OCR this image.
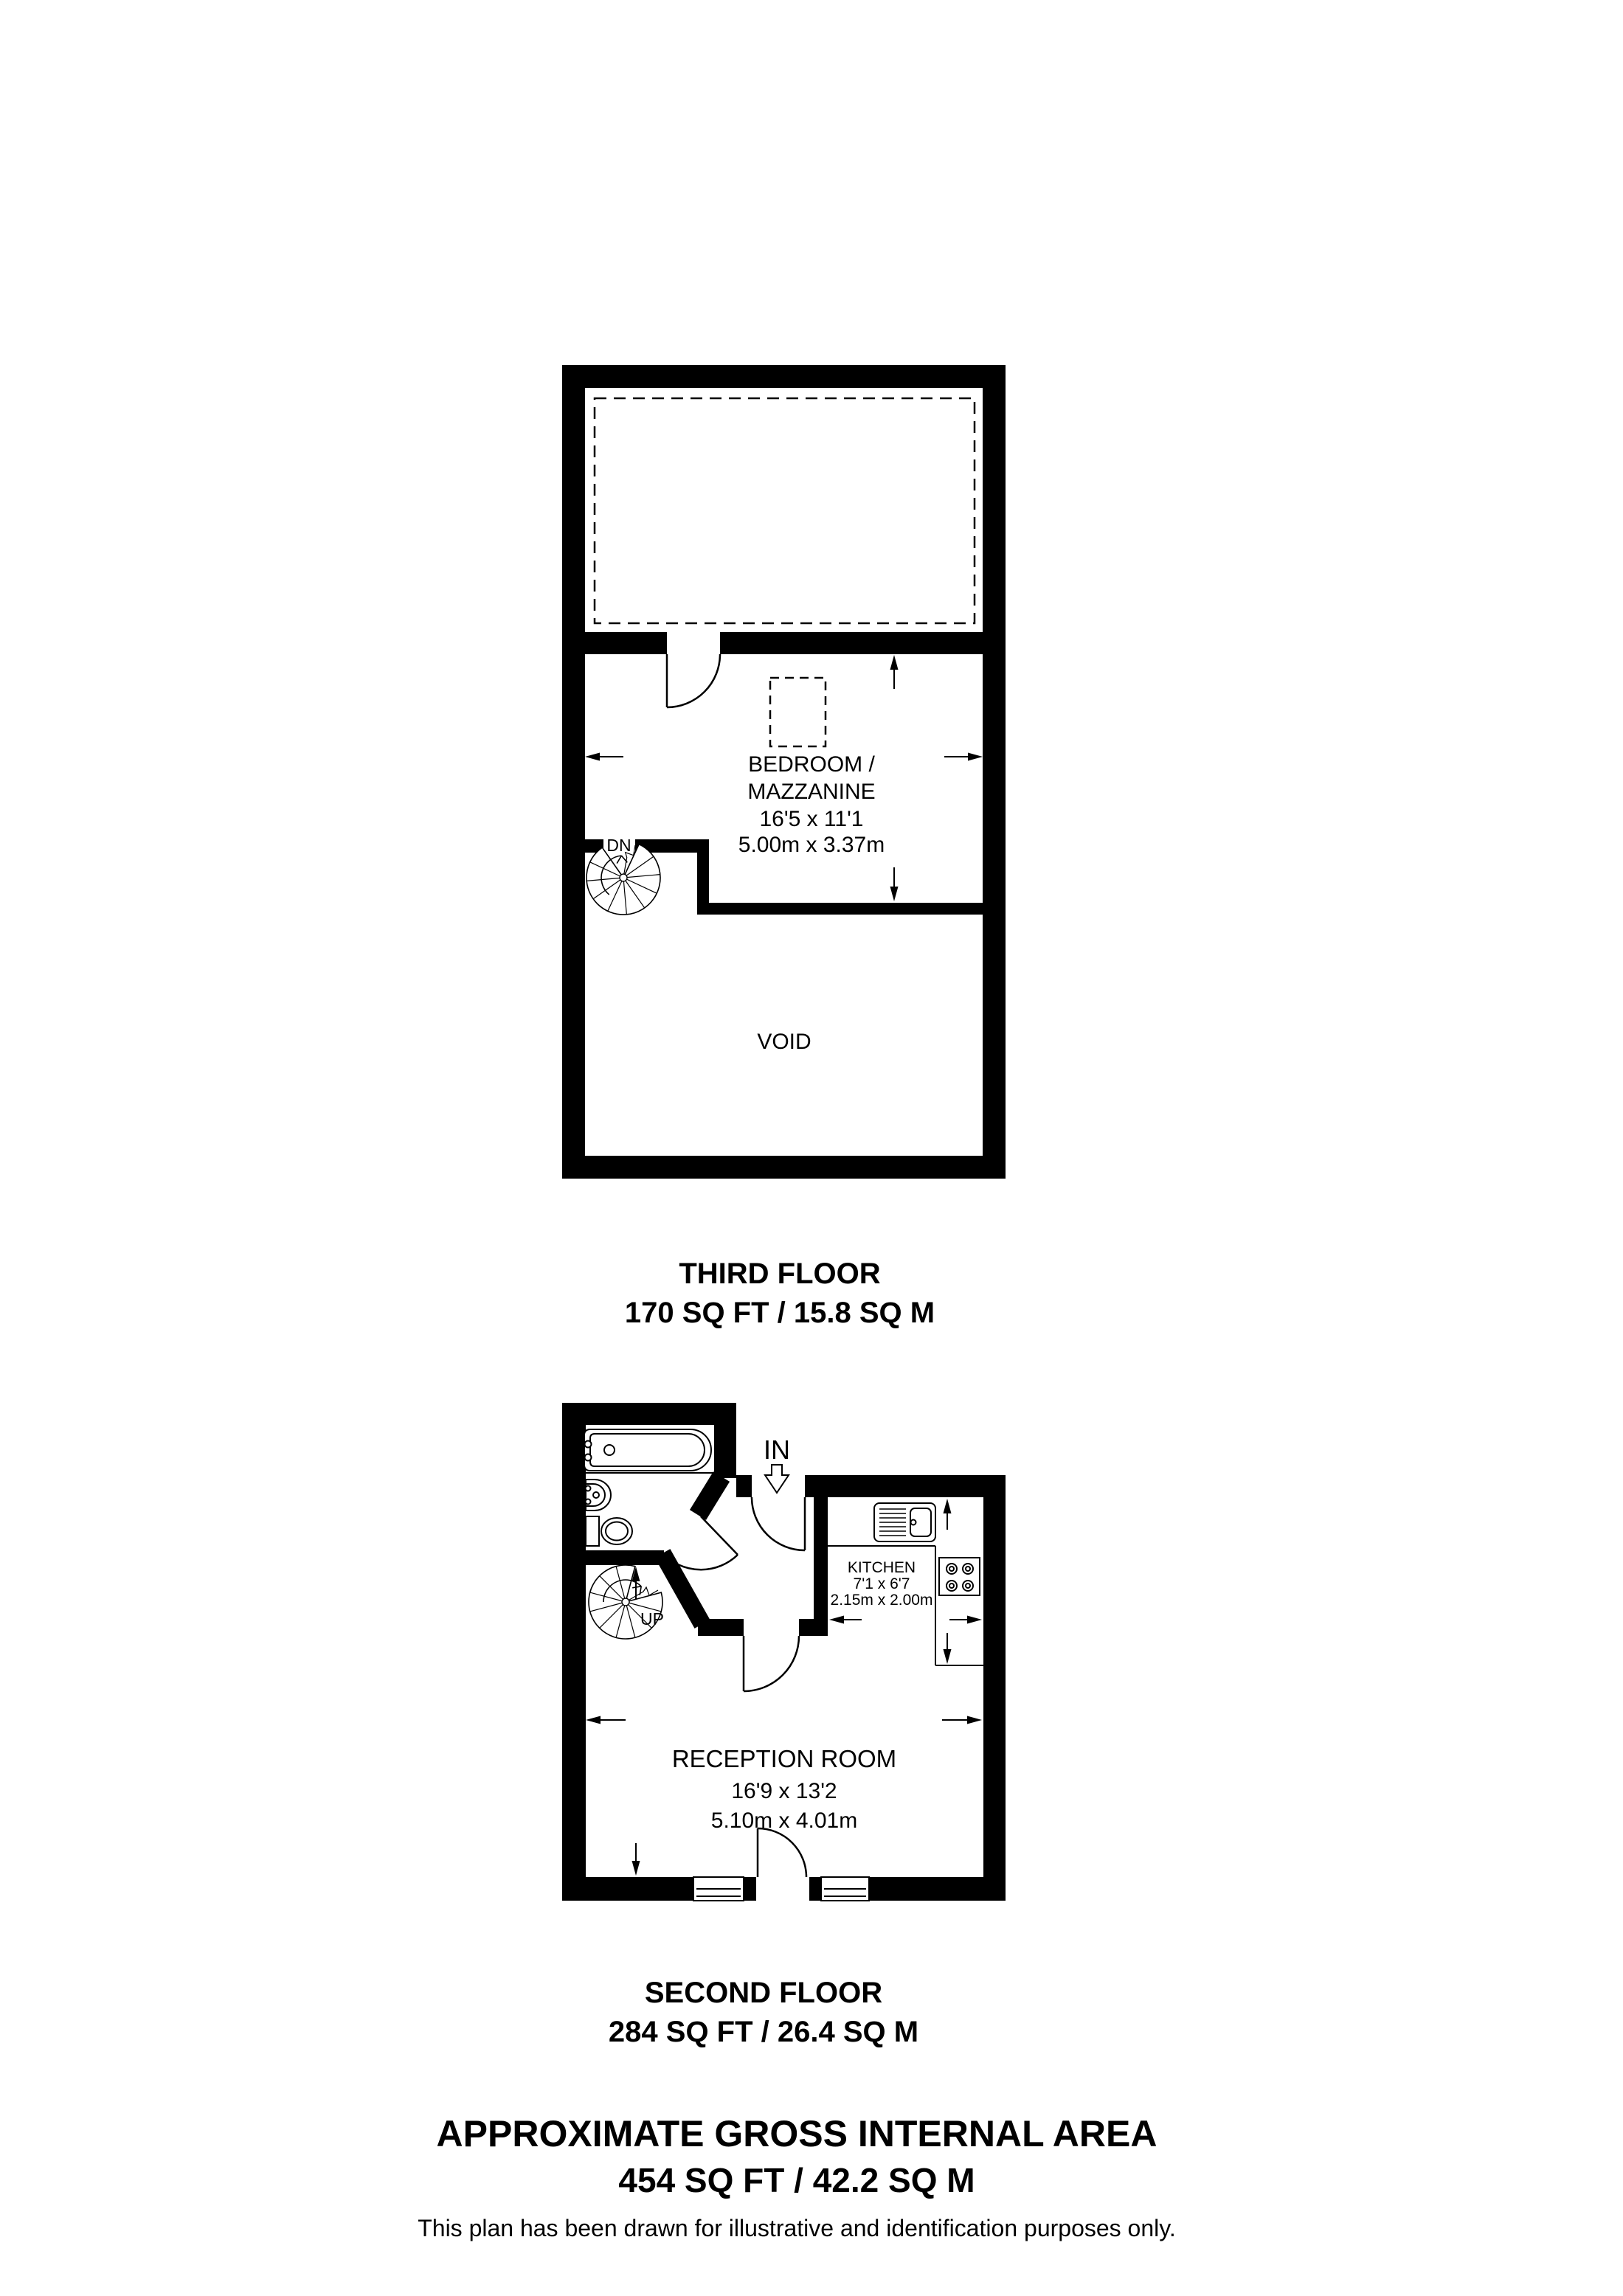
DN
BEDROOM /
MAZZANINE
16'5 x 11'1
5.00m x 3.37m
VOID
THIRD FLOOR
170 SQ FT / 15.8 SQ M
IN
UP
KITCHEN
7'1 x 6'7
2.15m x 2.00m
RECEPTION ROOM
16'9 x 13'2
5.10m x 4.01m
SECOND FLOOR
284 SQ FT / 26.4 SQ M
APPROXIMATE GROSS INTERNAL AREA
454 SQ FT / 42.2 SQ M
This plan has been drawn for illustrative and identification purposes only.
